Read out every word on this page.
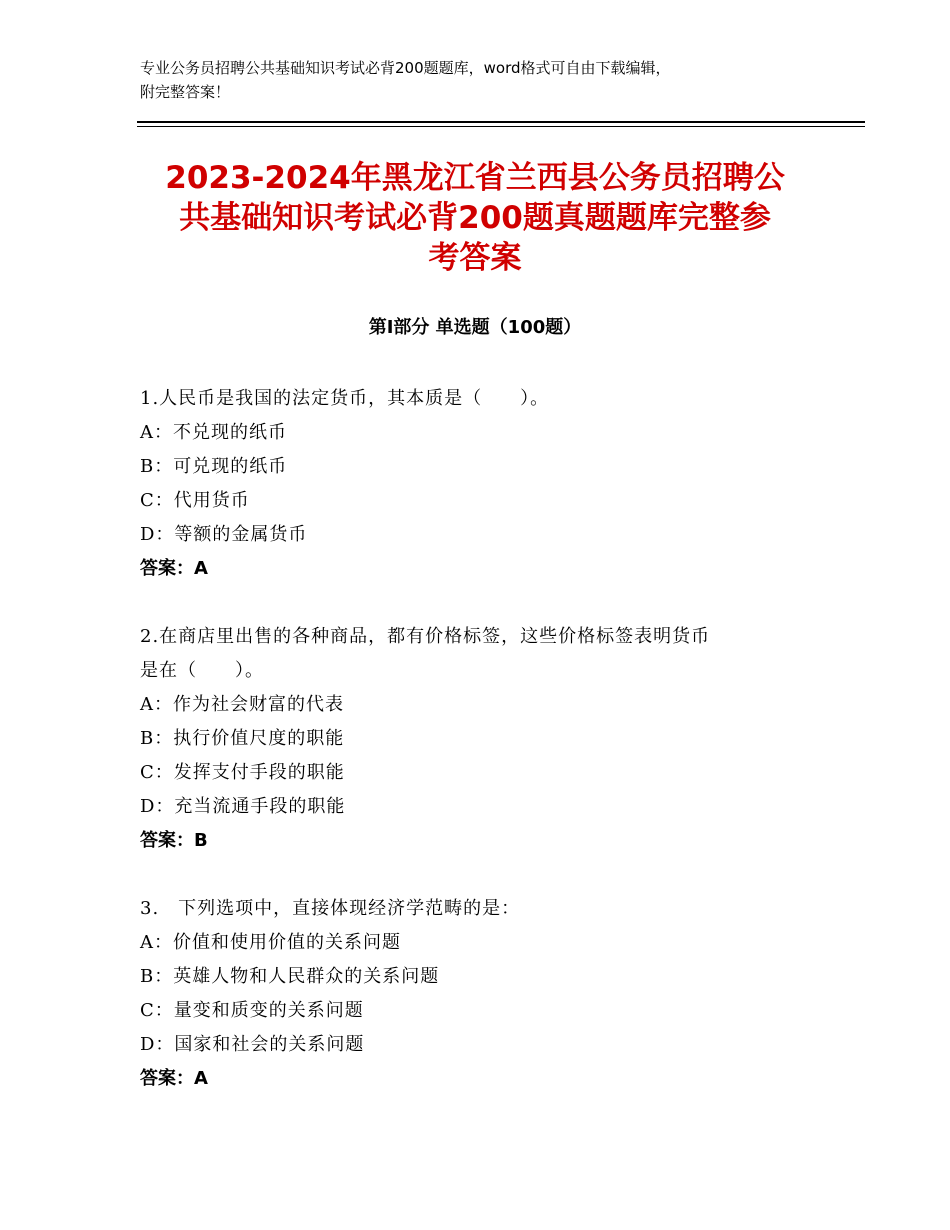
专业公务员招聘公共基础知识考试必背200题题库，word格式可自由下载编辑，
附完整答案！
2023-2024年黑龙江省兰西县公务员招聘公
共基础知识考试必背200题真题题库完整参
考答案
第Ⅰ部分 单选题（100题）
1.人民币是我国的法定货币，其本质是（　　）。
A：不兑现的纸币
B：可兑现的纸币
C：代用货币
D：等额的金属货币
答案：A
2.在商店里出售的各种商品，都有价格标签，这些价格标签表明货币
是在（　　）。
A：作为社会财富的代表
B：执行价值尺度的职能
C：发挥支付手段的职能
D：充当流通手段的职能
答案：B
3.　下列选项中，直接体现经济学范畴的是：
A：价值和使用价值的关系问题
B：英雄人物和人民群众的关系问题
C：量变和质变的关系问题
D：国家和社会的关系问题
答案：A
